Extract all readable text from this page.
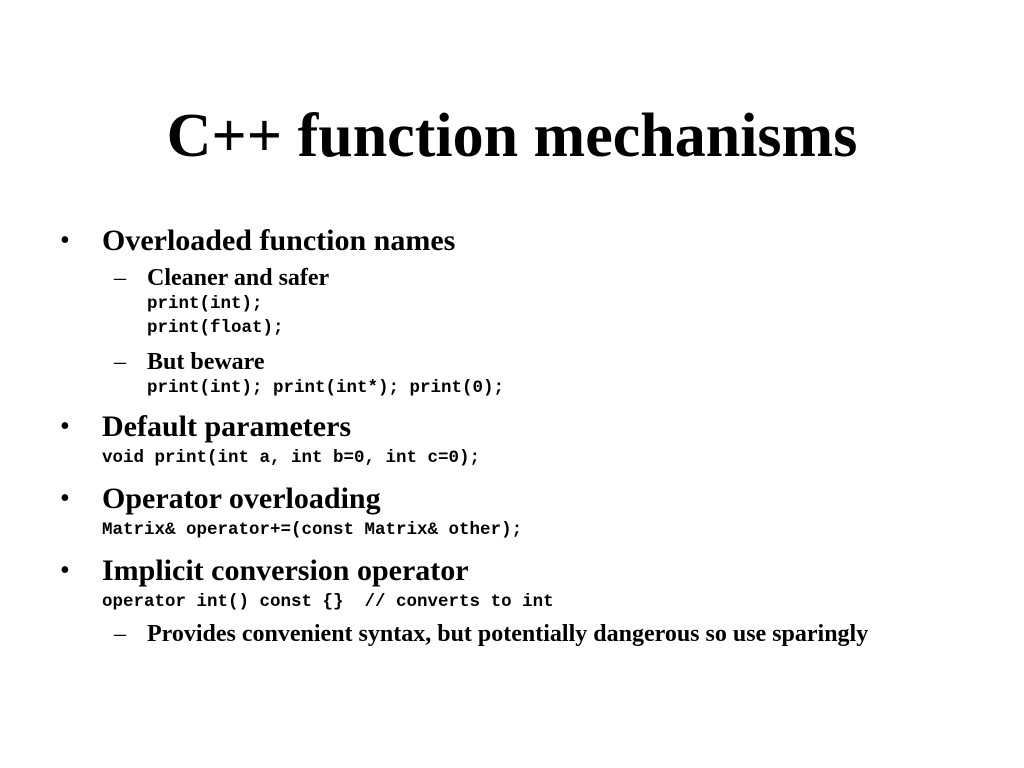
C++ function mechanisms
• Overloaded function names
– Cleaner and safer
print(int);
print(float);
– But beware
print(int); print(int*); print(0);
• Default parameters
void print(int a, int b=0, int c=0);
• Operator overloading
Matrix& operator+=(const Matrix& other);
• Implicit conversion operator
operator int() const {}  // converts to int
– Provides convenient syntax, but potentially dangerous so use sparingly
